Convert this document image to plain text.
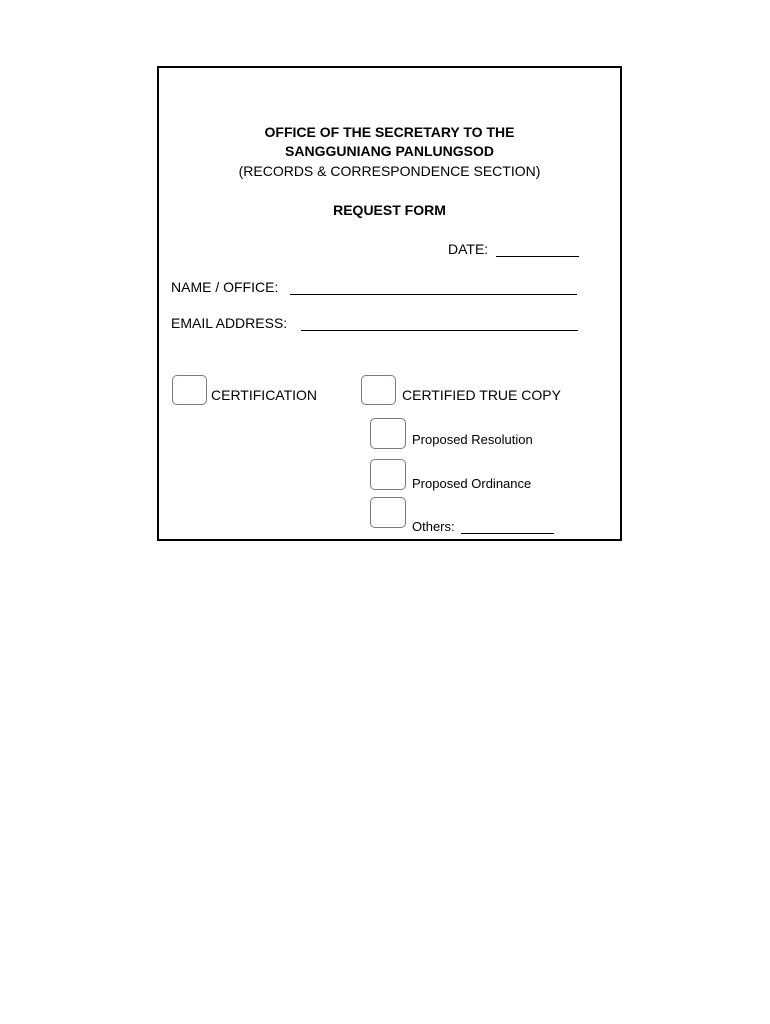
OFFICE OF THE SECRETARY TO THE
SANGGUNIANG PANLUNGSOD
(RECORDS & CORRESPONDENCE SECTION)
REQUEST FORM
DATE:
NAME / OFFICE:
EMAIL ADDRESS:
CERTIFICATION	CERTIFIED TRUE COPY
Proposed Resolution
Proposed Ordinance
Others:
